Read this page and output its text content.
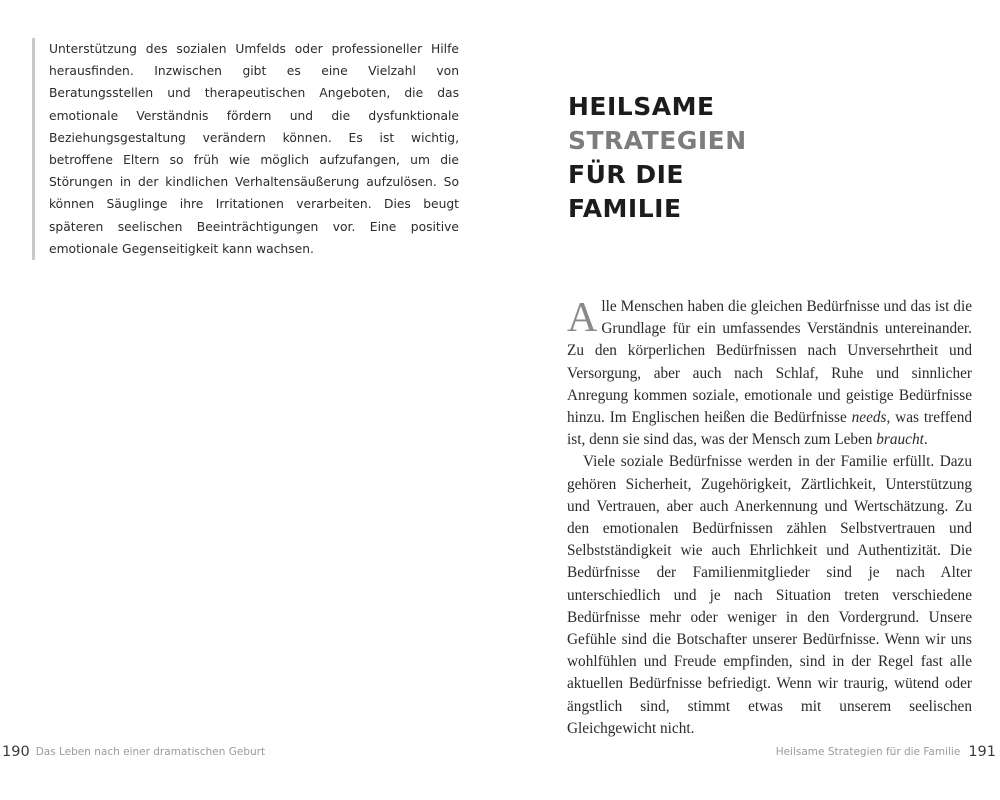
Unterstützung des sozialen Umfelds oder professioneller Hilfe herausfinden. Inzwischen gibt es eine Vielzahl von Beratungsstellen und therapeutischen Angeboten, die das emotionale Verständnis fördern und die dysfunktionale Beziehungsgestaltung verändern können. Es ist wichtig, betroffene Eltern so früh wie möglich aufzufangen, um die Störungen in der kindlichen Verhaltensäußerung aufzulösen. So können Säuglinge ihre Irritationen verarbeiten. Dies beugt späteren seelischen Beeinträchtigungen vor. Eine positive emotionale Gegenseitigkeit kann wachsen.

190 Das Leben nach einer dramatischen Geburt
HEILSAME
STRATEGIEN
FÜR DIE
FAMILIE

Alle Menschen haben die gleichen Bedürfnisse und das ist die Grundlage für ein umfassendes Verständnis untereinander. Zu den körperlichen Bedürfnissen nach Unversehrtheit und Versorgung, aber auch nach Schlaf, Ruhe und sinnlicher Anregung kommen soziale, emotionale und geistige Bedürfnisse hinzu. Im Englischen heißen die Bedürfnisse needs, was treffend ist, denn sie sind das, was der Mensch zum Leben braucht.

Viele soziale Bedürfnisse werden in der Familie erfüllt. Dazu gehören Sicherheit, Zugehörigkeit, Zärtlichkeit, Unterstützung und Vertrauen, aber auch Anerkennung und Wertschätzung. Zu den emotionalen Bedürfnissen zählen Selbstvertrauen und Selbstständigkeit wie auch Ehrlichkeit und Authentizität. Die Bedürfnisse der Familienmitglieder sind je nach Alter unterschiedlich und je nach Situation treten verschiedene Bedürfnisse mehr oder weniger in den Vordergrund. Unsere Gefühle sind die Botschafter unserer Bedürfnisse. Wenn wir uns wohlfühlen und Freude empfinden, sind in der Regel fast alle aktuellen Bedürfnisse befriedigt. Wenn wir traurig, wütend oder ängstlich sind, stimmt etwas mit unserem seelischen Gleichgewicht nicht.

Heilsame Strategien für die Familie 191
